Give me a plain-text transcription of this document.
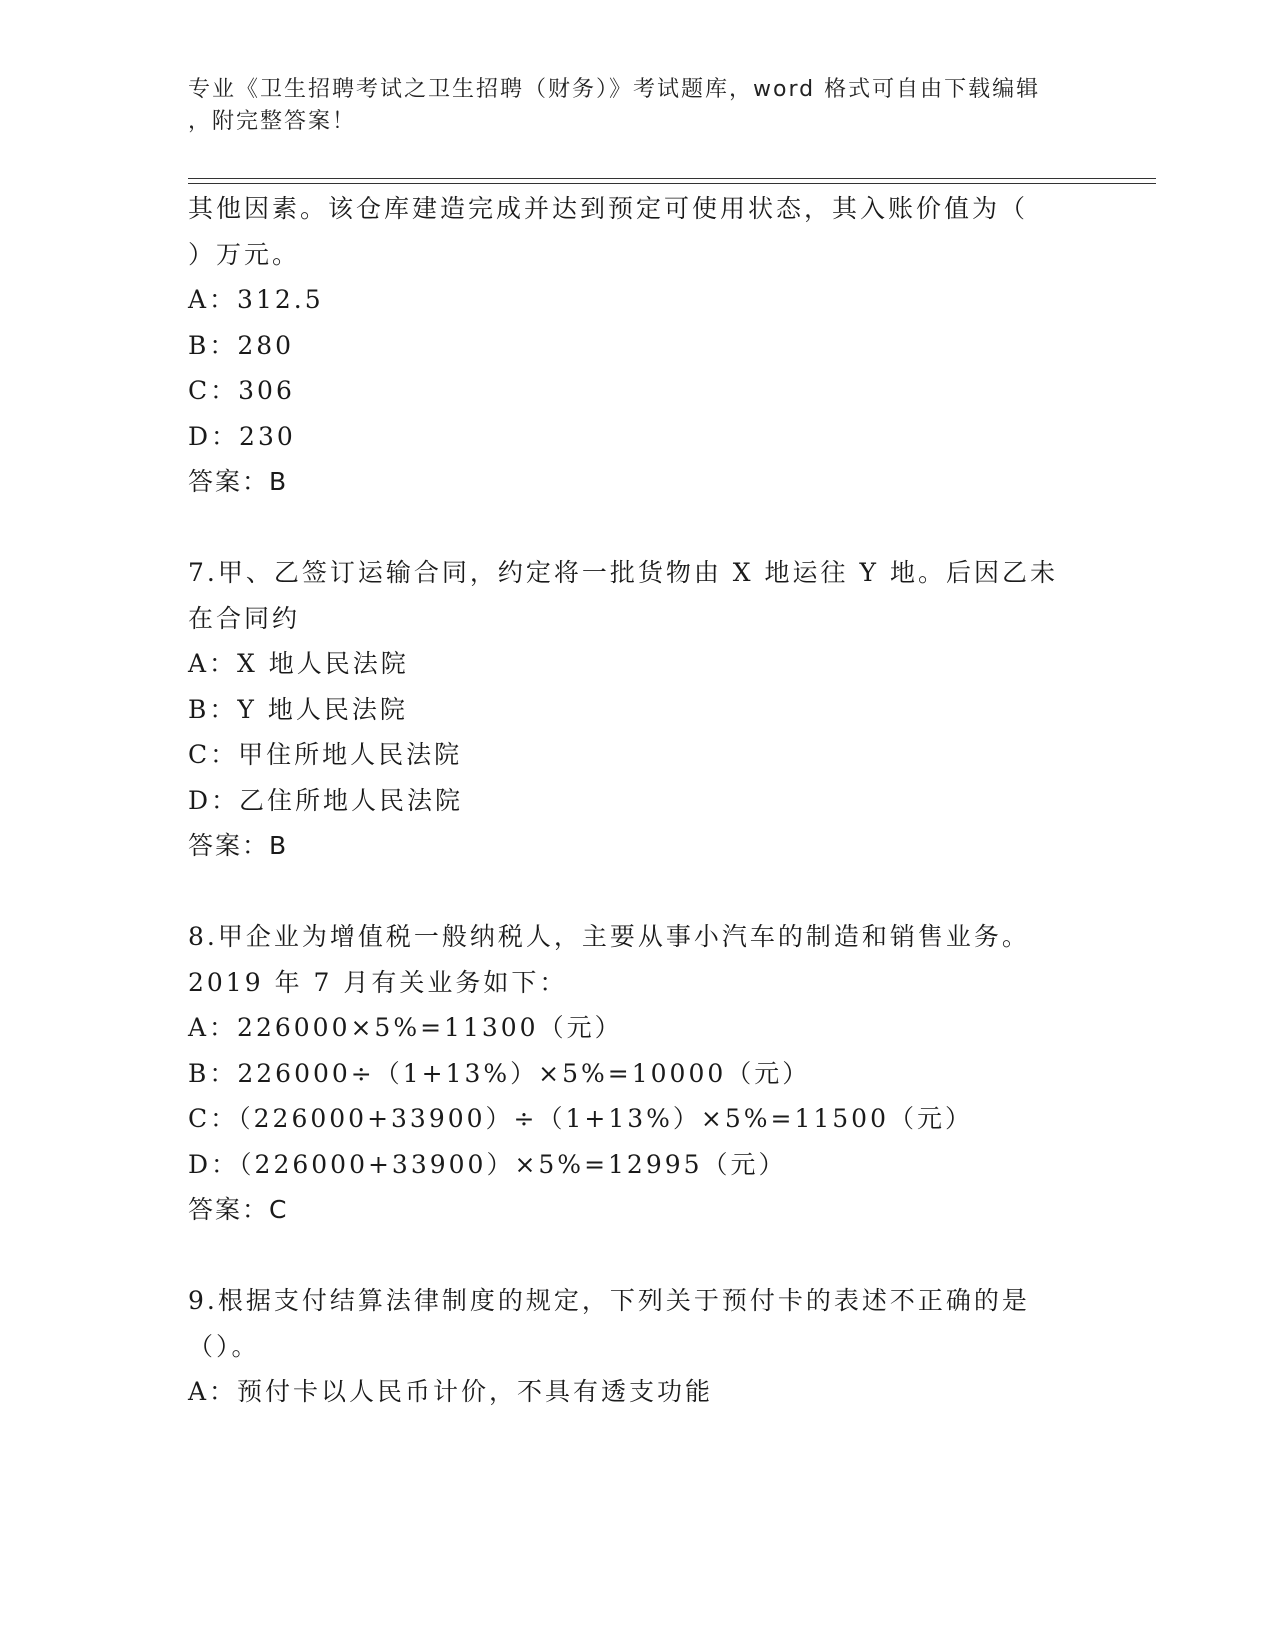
专业《卫生招聘考试之卫生招聘（财务）》考试题库，word 格式可自由下载编辑
，附完整答案！
其他因素。该仓库建造完成并达到预定可使用状态，其入账价值为（
）万元。
A：312.5
B：280
C：306
D：230
答案：B
7.甲、乙签订运输合同，约定将一批货物由 X 地运往 Y 地。后因乙未
在合同约
A：X 地人民法院
B：Y 地人民法院
C：甲住所地人民法院
D：乙住所地人民法院
答案：B
8.甲企业为增值税一般纳税人，主要从事小汽车的制造和销售业务。
2019 年 7 月有关业务如下：
A：226000×5%=11300（元）
B：226000÷（1+13%）×5%=10000（元）
C：（226000+33900）÷（1+13%）×5%=11500（元）
D：（226000+33900）×5%=12995（元）
答案：C
9.根据支付结算法律制度的规定，下列关于预付卡的表述不正确的是
（）。
A：预付卡以人民币计价，不具有透支功能
